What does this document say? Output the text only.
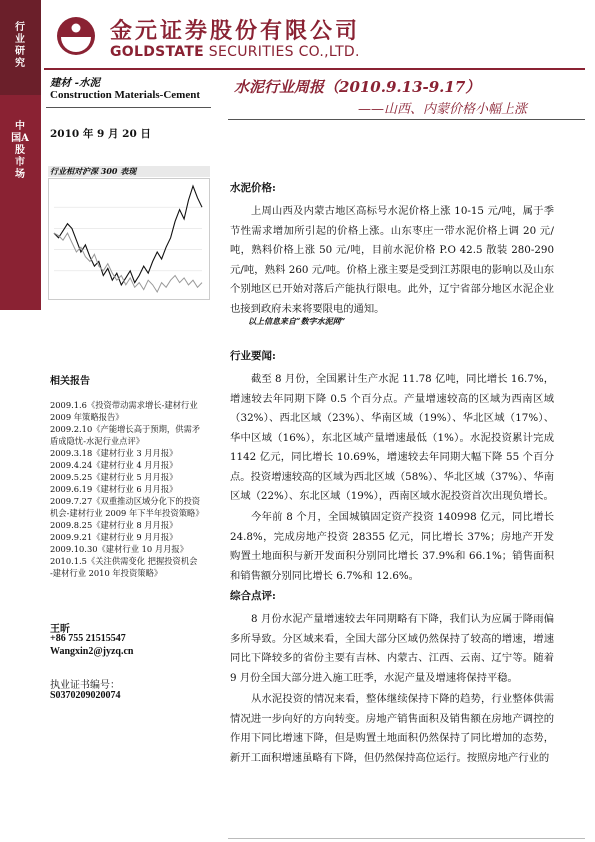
行业研究
中国A股市场
金元证券股份有限公司
GOLDSTATE SECURITIES CO.,LTD.
建材 -水泥
Construction Materials-Cement
2010 年 9 月 20 日
水泥行业周报（2010.9.13-9.17）
——山西、内蒙价格小幅上涨
行业相对沪深 300 表现
相关报告
2009.1.6《投资带动需求增长-建材行业
2009 年策略报告》
2009.2.10《产能增长高于预期，供需矛
盾成隐忧-水泥行业点评》
2009.3.18《建材行业 3 月月报》
2009.4.24《建材行业 4 月月报》
2009.5.25《建材行业 5 月月报》
2009.6.19《建材行业 6 月月报》
2009.7.27《双重推动区域分化下的投资
机会-建材行业 2009 年下半年投资策略》
2009.8.25《建材行业 8 月月报》
2009.9.21《建材行业 9 月月报》
2009.10.30《建材行业 10 月月报》
2010.1.5《关注供需变化 把握投资机会
-建材行业 2010 年投资策略》
王昕
+86 755 21515547
Wangxin2@jyzq.cn
执业证书编号：
S0370209020074
水泥价格:
上周山西及内蒙古地区高标号水泥价格上涨 10-15 元/吨，属于季节性需求增加所引起的价格上涨。山东枣庄一带水泥价格上调 20 元/吨，熟料价格上涨 50 元/吨，目前水泥价格 P.O 42.5 散装 280-290 元/吨，熟料 260 元/吨。价格上涨主要是受到江苏限电的影响以及山东个别地区已开始对落后产能执行限电。此外，辽宁省部分地区水泥企业也接到政府未来将要限电的通知。
以上信息来自“数字水泥网”
行业要闻:
截至 8 月份，全国累计生产水泥 11.78 亿吨，同比增长 16.7%，增速较去年同期下降 0.5 个百分点。产量增速较高的区域为西南区域（32%）、西北区域（23%）、华南区域（19%）、华北区域（17%）、华中区域（16%），东北区域产量增速最低（1%）。水泥投资累计完成 1142 亿元，同比增长 10.69%，增速较去年同期大幅下降 55 个百分点。投资增速较高的区域为西北区域（58%）、华北区域（37%）、华南区域（22%）、东北区域（19%），西南区域水泥投资首次出现负增长。
今年前 8 个月，全国城镇固定资产投资 140998 亿元，同比增长 24.8%，完成房地产投资 28355 亿元，同比增长 37%；房地产开发购置土地面积与新开发面积分别同比增长 37.9%和 66.1%；销售面积和销售额分别同比增长 6.7%和 12.6%。
综合点评:
8 月份水泥产量增速较去年同期略有下降，我们认为应属于降雨偏多所导致。分区域来看，全国大部分区域仍然保持了较高的增速，增速同比下降较多的省份主要有吉林、内蒙古、江西、云南、辽宁等。随着 9 月份全国大部分进入施工旺季，水泥产量及增速将保持平稳。
从水泥投资的情况来看，整体继续保持下降的趋势，行业整体供需情况进一步向好的方向转变。房地产销售面积及销售额在房地产调控的作用下同比增速下降，但是购置土地面积仍然保持了同比增加的态势，新开工面积增速虽略有下降，但仍然保持高位运行。按照房地产行业的
